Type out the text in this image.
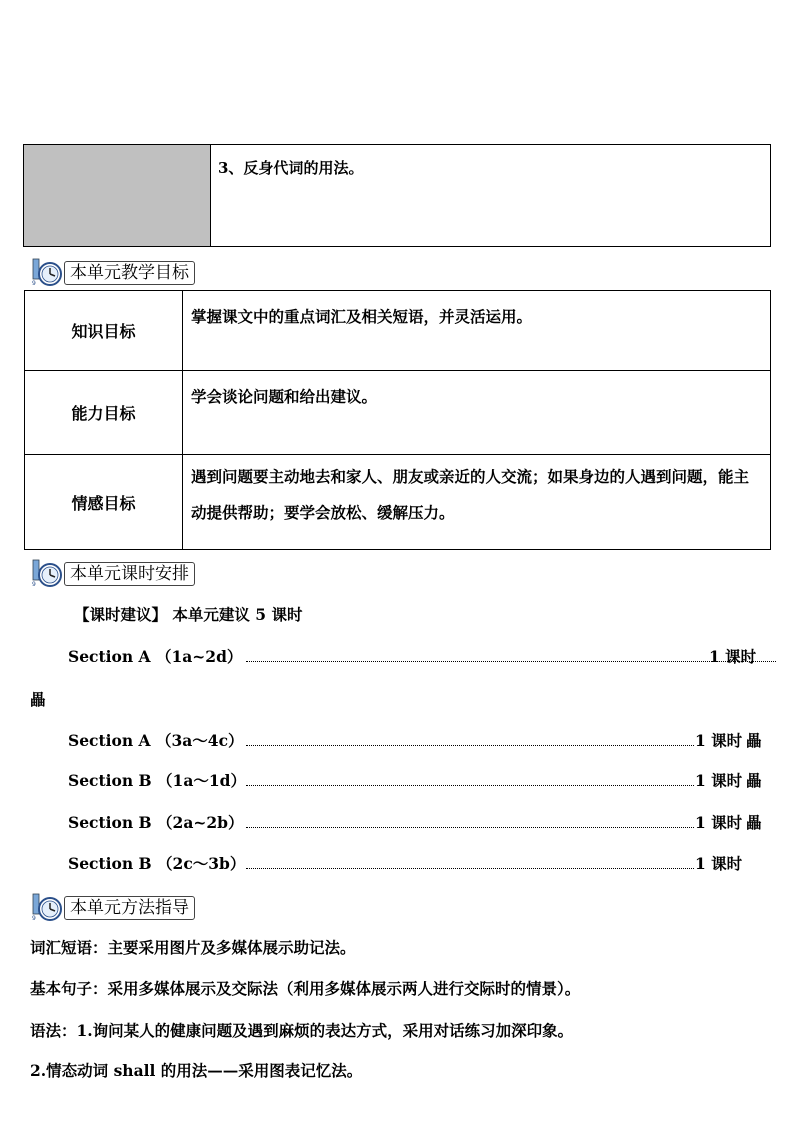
3、反身代词的用法。
9
本单元教学目标
知识目标
掌握课文中的重点词汇及相关短语，并灵活运用。
能力目标
学会谈论问题和给出建议。
情感目标
遇到问题要主动地去和家人、朋友或亲近的人交流；如果身边的人遇到问题，能主动提供帮助；要学会放松、缓解压力。
9
本单元课时安排
【课时建议】 本单元建议 5 课时
Section A （1a~2d）	1 课时
畾
Section A （3a～4c）	1 课时 畾
Section B （1a～1d）	1 课时 畾
Section B （2a~2b）	1 课时 畾
Section B （2c～3b）	1 课时
9
本单元方法指导
词汇短语：主要采用图片及多媒体展示助记法。
基本句子：采用多媒体展示及交际法（利用多媒体展示两人进行交际时的情景）。
语法：1.询问某人的健康问题及遇到麻烦的表达方式，采用对话练习加深印象。
2.情态动词 shall 的用法——采用图表记忆法。
